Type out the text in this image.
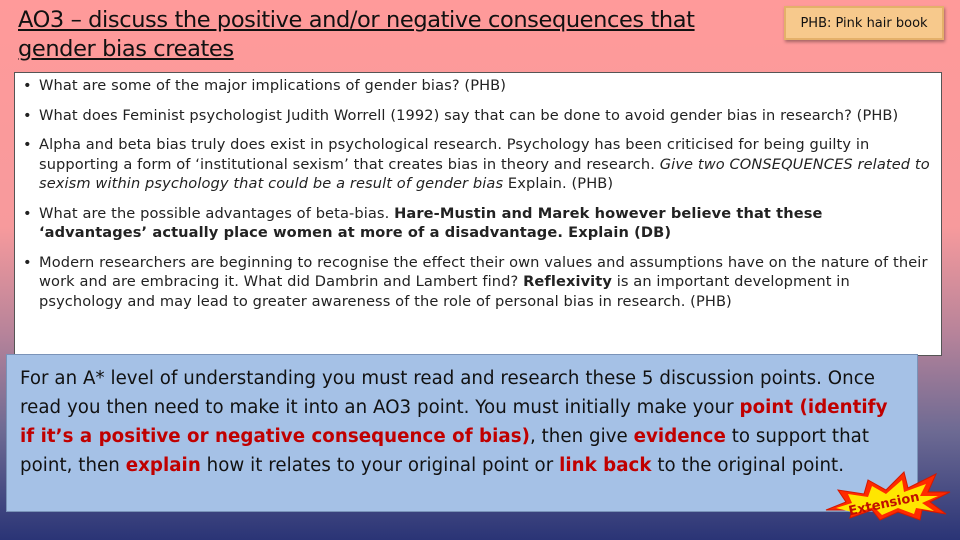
AO3 – discuss the positive and/or negative consequences that gender bias creates
PHB: Pink hair book
• What are some of the major implications of gender bias? (PHB)
• What does Feminist psychologist Judith Worrell (1992) say that can be done to avoid gender bias in research? (PHB)
• Alpha and beta bias truly does exist in psychological research. Psychology has been criticised for being guilty in supporting a form of ‘institutional sexism’ that creates bias in theory and research. Give two CONSEQUENCES related to sexism within psychology that could be a result of gender bias Explain. (PHB)
• What are the possible advantages of beta-bias. Hare-Mustin and Marek however believe that these ‘advantages’ actually place women at more of a disadvantage. Explain (DB)
• Modern researchers are beginning to recognise the effect their own values and assumptions have on the nature of their work and are embracing it. What did Dambrin and Lambert find? Reflexivity is an important development in psychology and may lead to greater awareness of the role of personal bias in research. (PHB)
For an A* level of understanding you must read and research these 5 discussion points. Once read you then need to make it into an AO3 point. You must initially make your point (identify if it’s a positive or negative consequence of bias), then give evidence to support that point, then explain how it relates to your original point or link back to the original point.
Extension
